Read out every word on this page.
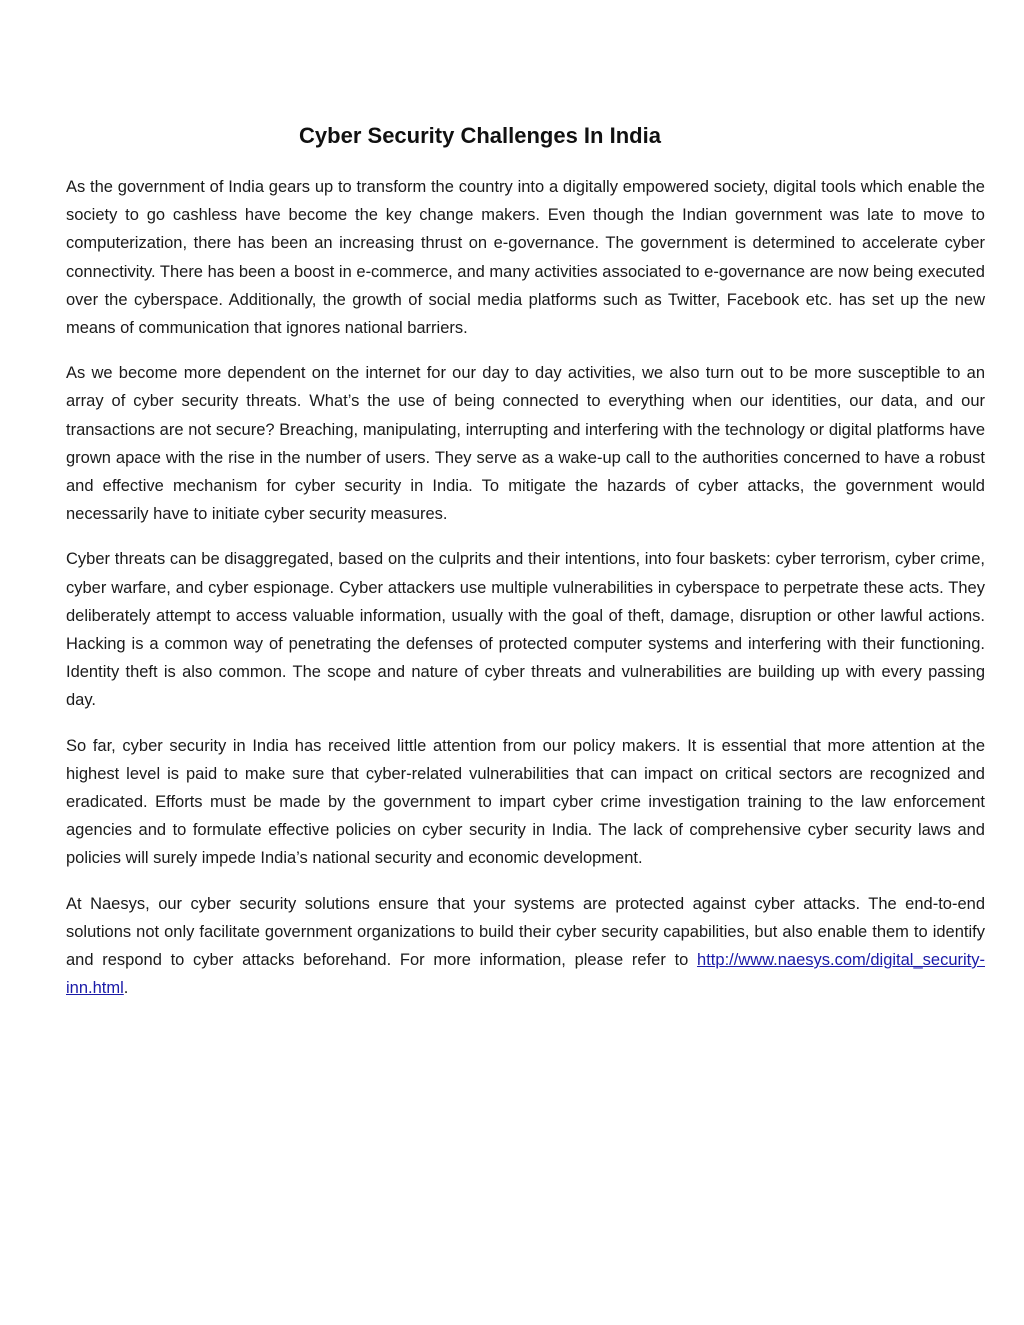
Cyber Security Challenges In India

As the government of India gears up to transform the country into a digitally empowered society, digital tools which enable the society to go cashless have become the key change makers. Even though the Indian government was late to move to computerization, there has been an increasing thrust on e-governance. The government is determined to accelerate cyber connectivity. There has been a boost in e-commerce, and many activities associated to e-governance are now being executed over the cyberspace. Additionally, the growth of social media platforms such as Twitter, Facebook etc. has set up the new means of communication that ignores national barriers.

As we become more dependent on the internet for our day to day activities, we also turn out to be more susceptible to an array of cyber security threats. What’s the use of being connected to everything when our identities, our data, and our transactions are not secure? Breaching, manipulating, interrupting and interfering with the technology or digital platforms have grown apace with the rise in the number of users. They serve as a wake-up call to the authorities concerned to have a robust and effective mechanism for cyber security in India. To mitigate the hazards of cyber attacks, the government would necessarily have to initiate cyber security measures.

Cyber threats can be disaggregated, based on the culprits and their intentions, into four baskets: cyber terrorism, cyber crime, cyber warfare, and cyber espionage. Cyber attackers use multiple vulnerabilities in cyberspace to perpetrate these acts. They deliberately attempt to access valuable information, usually with the goal of theft, damage, disruption or other lawful actions. Hacking is a common way of penetrating the defenses of protected computer systems and interfering with their functioning. Identity theft is also common. The scope and nature of cyber threats and vulnerabilities are building up with every passing day.

So far, cyber security in India has received little attention from our policy makers. It is essential that more attention at the highest level is paid to make sure that cyber-related vulnerabilities that can impact on critical sectors are recognized and eradicated. Efforts must be made by the government to impart cyber crime investigation training to the law enforcement agencies and to formulate effective policies on cyber security in India. The lack of comprehensive cyber security laws and policies will surely impede India’s national security and economic development.

At Naesys, our cyber security solutions ensure that your systems are protected against cyber attacks. The end-to-end solutions not only facilitate government organizations to build their cyber security capabilities, but also enable them to identify and respond to cyber attacks beforehand. For more information, please refer to http://www.naesys.com/digital_security-inn.html.
